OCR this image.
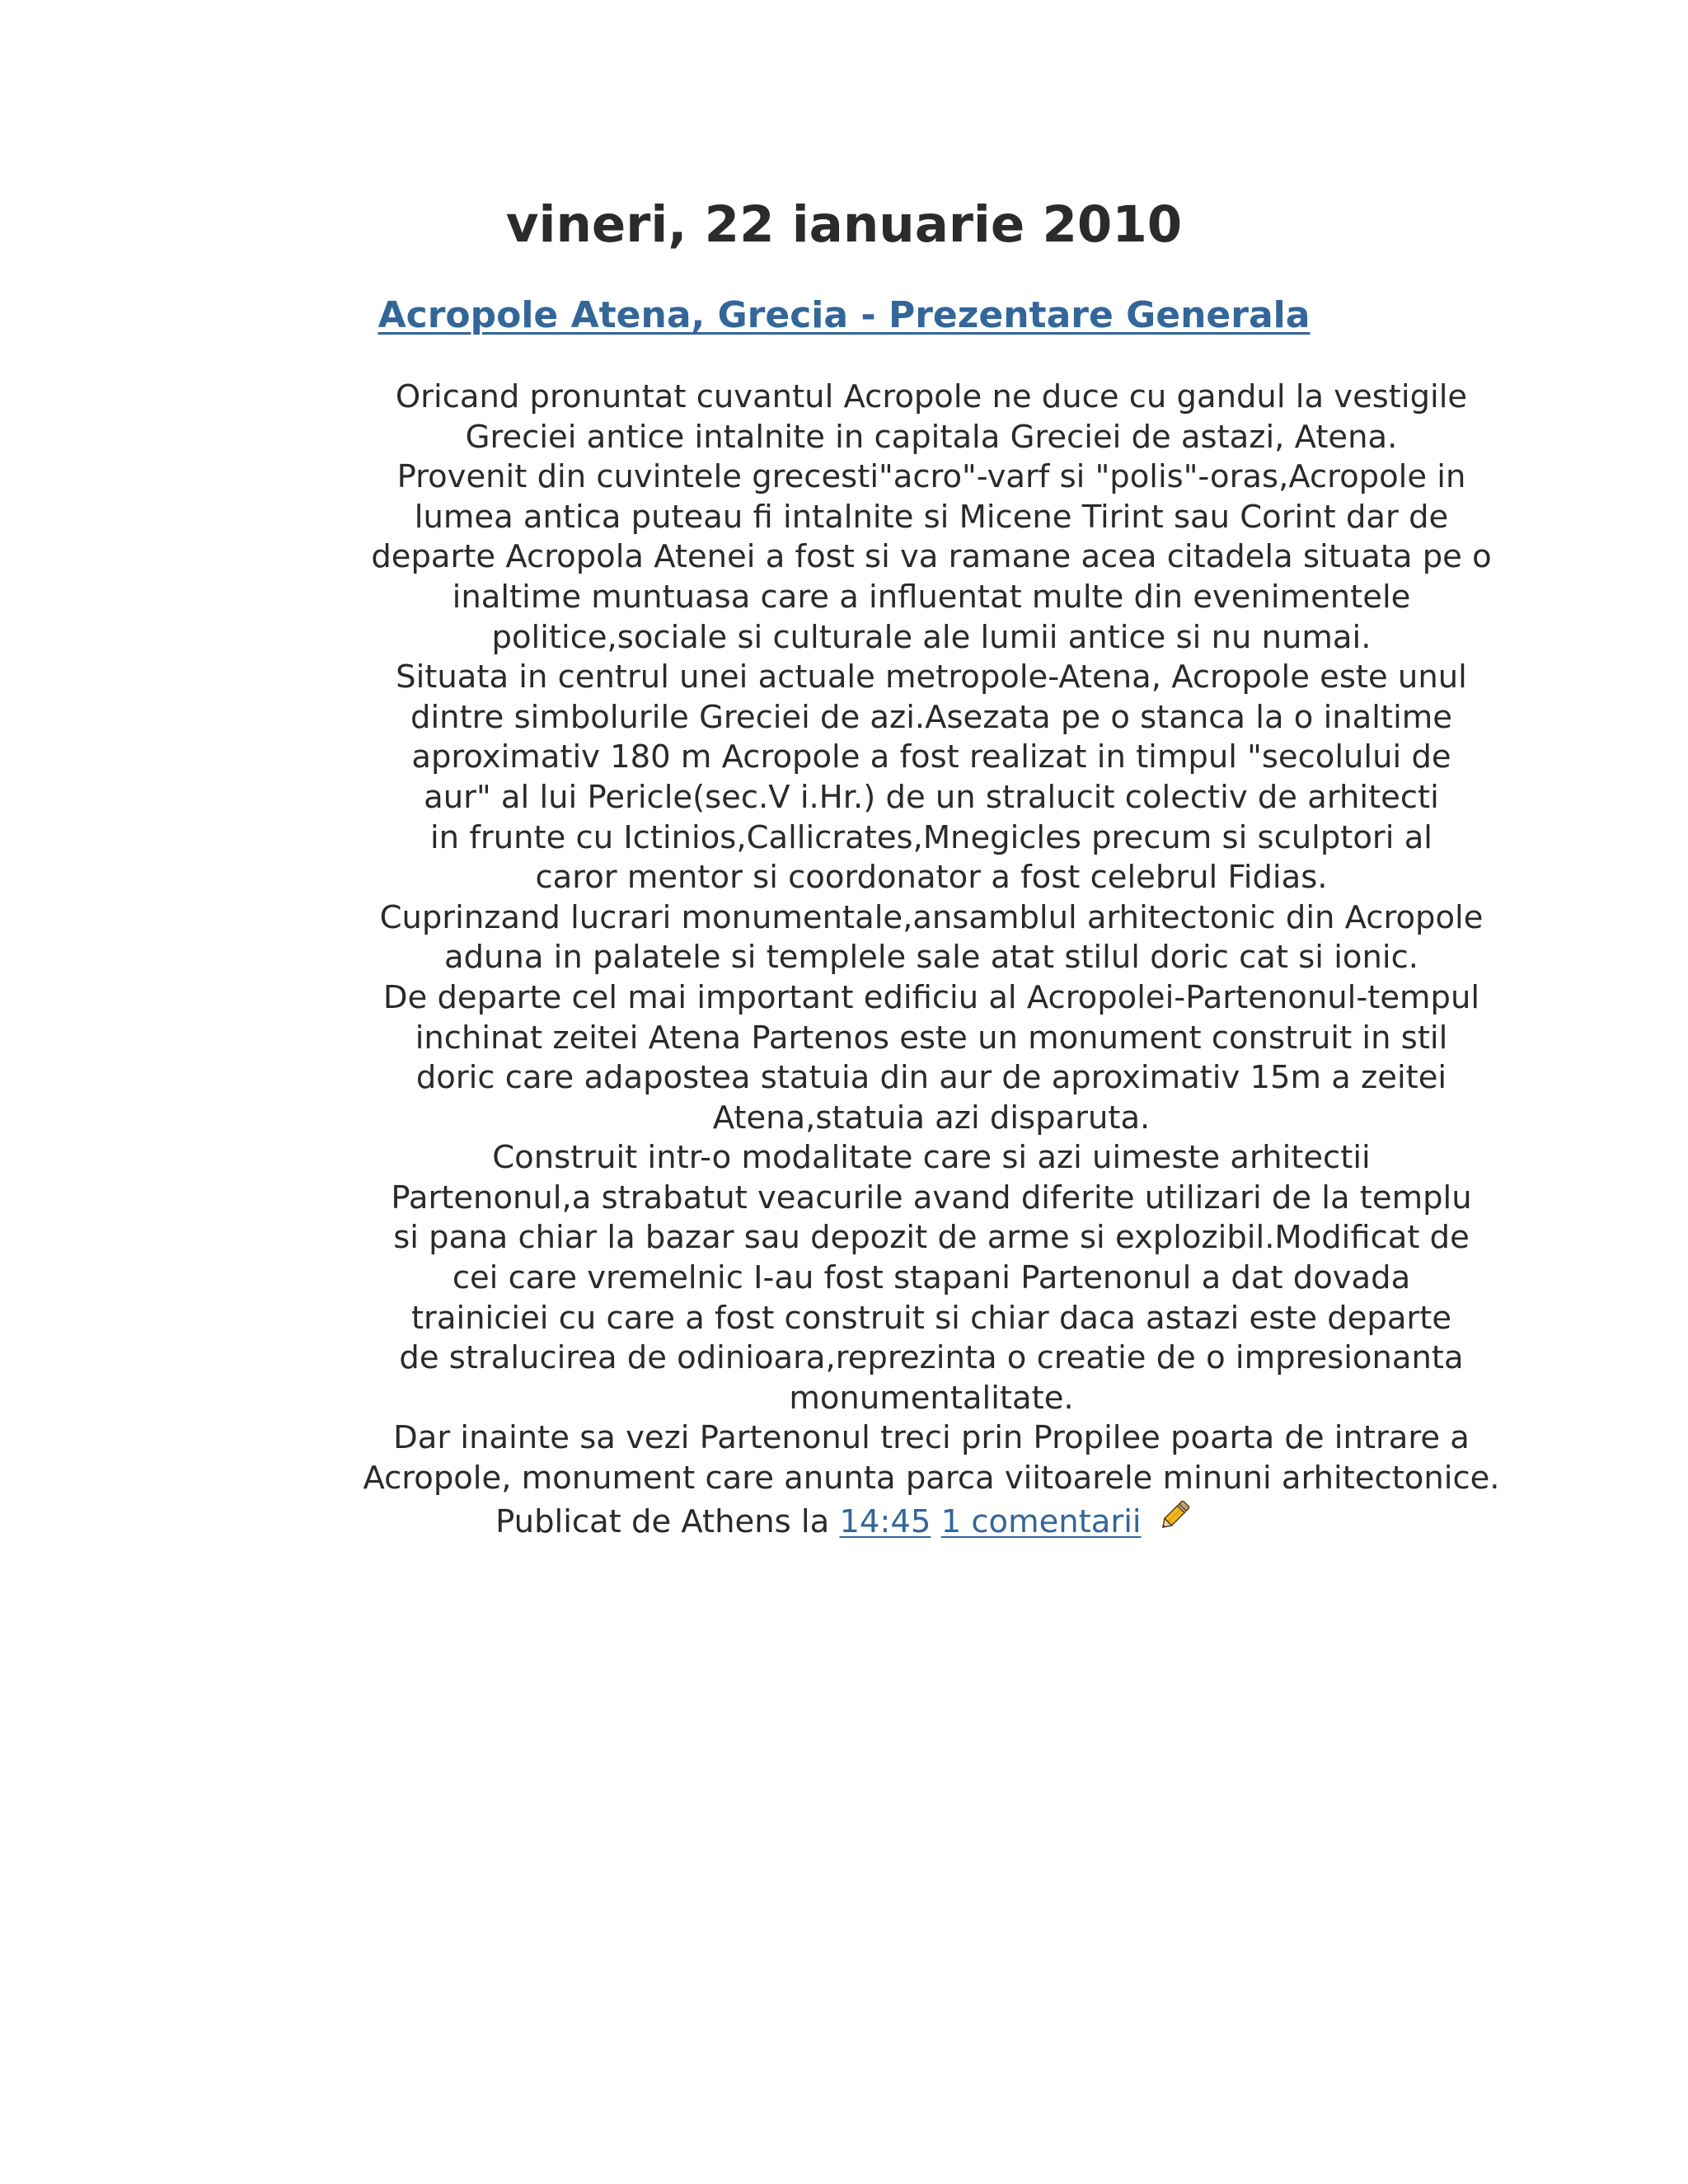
vineri, 22 ianuarie 2010
Acropole Atena, Grecia - Prezentare Generala
Oricand pronuntat cuvantul Acropole ne duce cu gandul la vestigile
Greciei antice intalnite in capitala Greciei de astazi, Atena.
Provenit din cuvintele grecesti"acro"-varf si "polis"-oras,Acropole in
lumea antica puteau fi intalnite si Micene Tirint sau Corint dar de
departe Acropola Atenei a fost si va ramane acea citadela situata pe o
inaltime muntuasa care a influentat multe din evenimentele
politice,sociale si culturale ale lumii antice si nu numai.
Situata in centrul unei actuale metropole-Atena, Acropole este unul
dintre simbolurile Greciei de azi.Asezata pe o stanca la o inaltime
aproximativ 180 m Acropole a fost realizat in timpul "secolului de
aur" al lui Pericle(sec.V i.Hr.) de un stralucit colectiv de arhitecti
in frunte cu Ictinios,Callicrates,Mnegicles precum si sculptori al
caror mentor si coordonator a fost celebrul Fidias.
Cuprinzand lucrari monumentale,ansamblul arhitectonic din Acropole
aduna in palatele si templele sale atat stilul doric cat si ionic.
De departe cel mai important edificiu al Acropolei-Partenonul-tempul
inchinat zeitei Atena Partenos este un monument construit in stil
doric care adapostea statuia din aur de aproximativ 15m a zeitei
Atena,statuia azi disparuta.
Construit intr-o modalitate care si azi uimeste arhitectii
Partenonul,a strabatut veacurile avand diferite utilizari de la templu
si pana chiar la bazar sau depozit de arme si explozibil.Modificat de
cei care vremelnic I-au fost stapani Partenonul a dat dovada
trainiciei cu care a fost construit si chiar daca astazi este departe
de stralucirea de odinioara,reprezinta o creatie de o impresionanta
monumentalitate.
Dar inainte sa vezi Partenonul treci prin Propilee poarta de intrare a
Acropole, monument care anunta parca viitoarele minuni arhitectonice.
Publicat de Athens la 14:45 1 comentarii
